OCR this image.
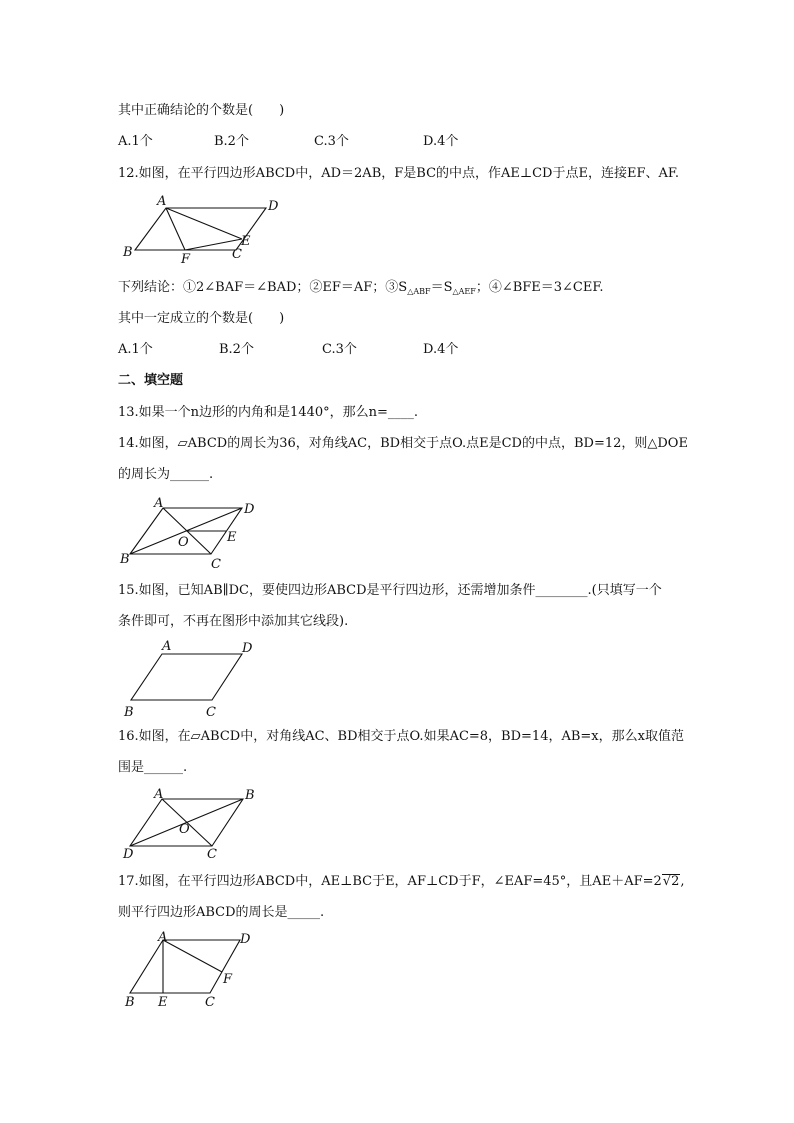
其中正确结论的个数是(　　)
A.1个	B.2个	C.3个	D.4个
12.如图，在平行四边形ABCD中，AD＝2AB，F是BC的中点，作AE⊥CD于点E，连接EF、AF.
A	D
B	F	C
E
下列结论：①2∠BAF＝∠BAD；②EF＝AF；$③S_{\triangle ABF}=S_{\triangle AEF}$；④∠BFE＝3∠CEF.
其中一定成立的个数是(　　)
A.1个	B.2个	C.3个	D.4个
二、填空题
13.如果一个n边形的内角和是1440°，那么n=____.
14.如图，▱ABCD的周长为36，对角线AC，BD相交于点O.点E是CD的中点，BD=12，则△DOE
的周长为______.
A	D
B	C
O	E
15.如图，已知AB∥DC，要使四边形ABCD是平行四边形，还需增加条件________.(只填写一个
条件即可，不再在图形中添加其它线段).
A	D
B	C
16.如图，在▱ABCD中，对角线AC、BD相交于点O.如果AC=8，BD=14，AB=x，那么x取值范
围是______.
A	B
D	C
O
17.如图，在平行四边形ABCD中，AE⊥BC于E，AF⊥CD于F，∠EAF=45°，且AE＋AF=2√2,
则平行四边形ABCD的周长是_____.
A	D
B E	C
F
